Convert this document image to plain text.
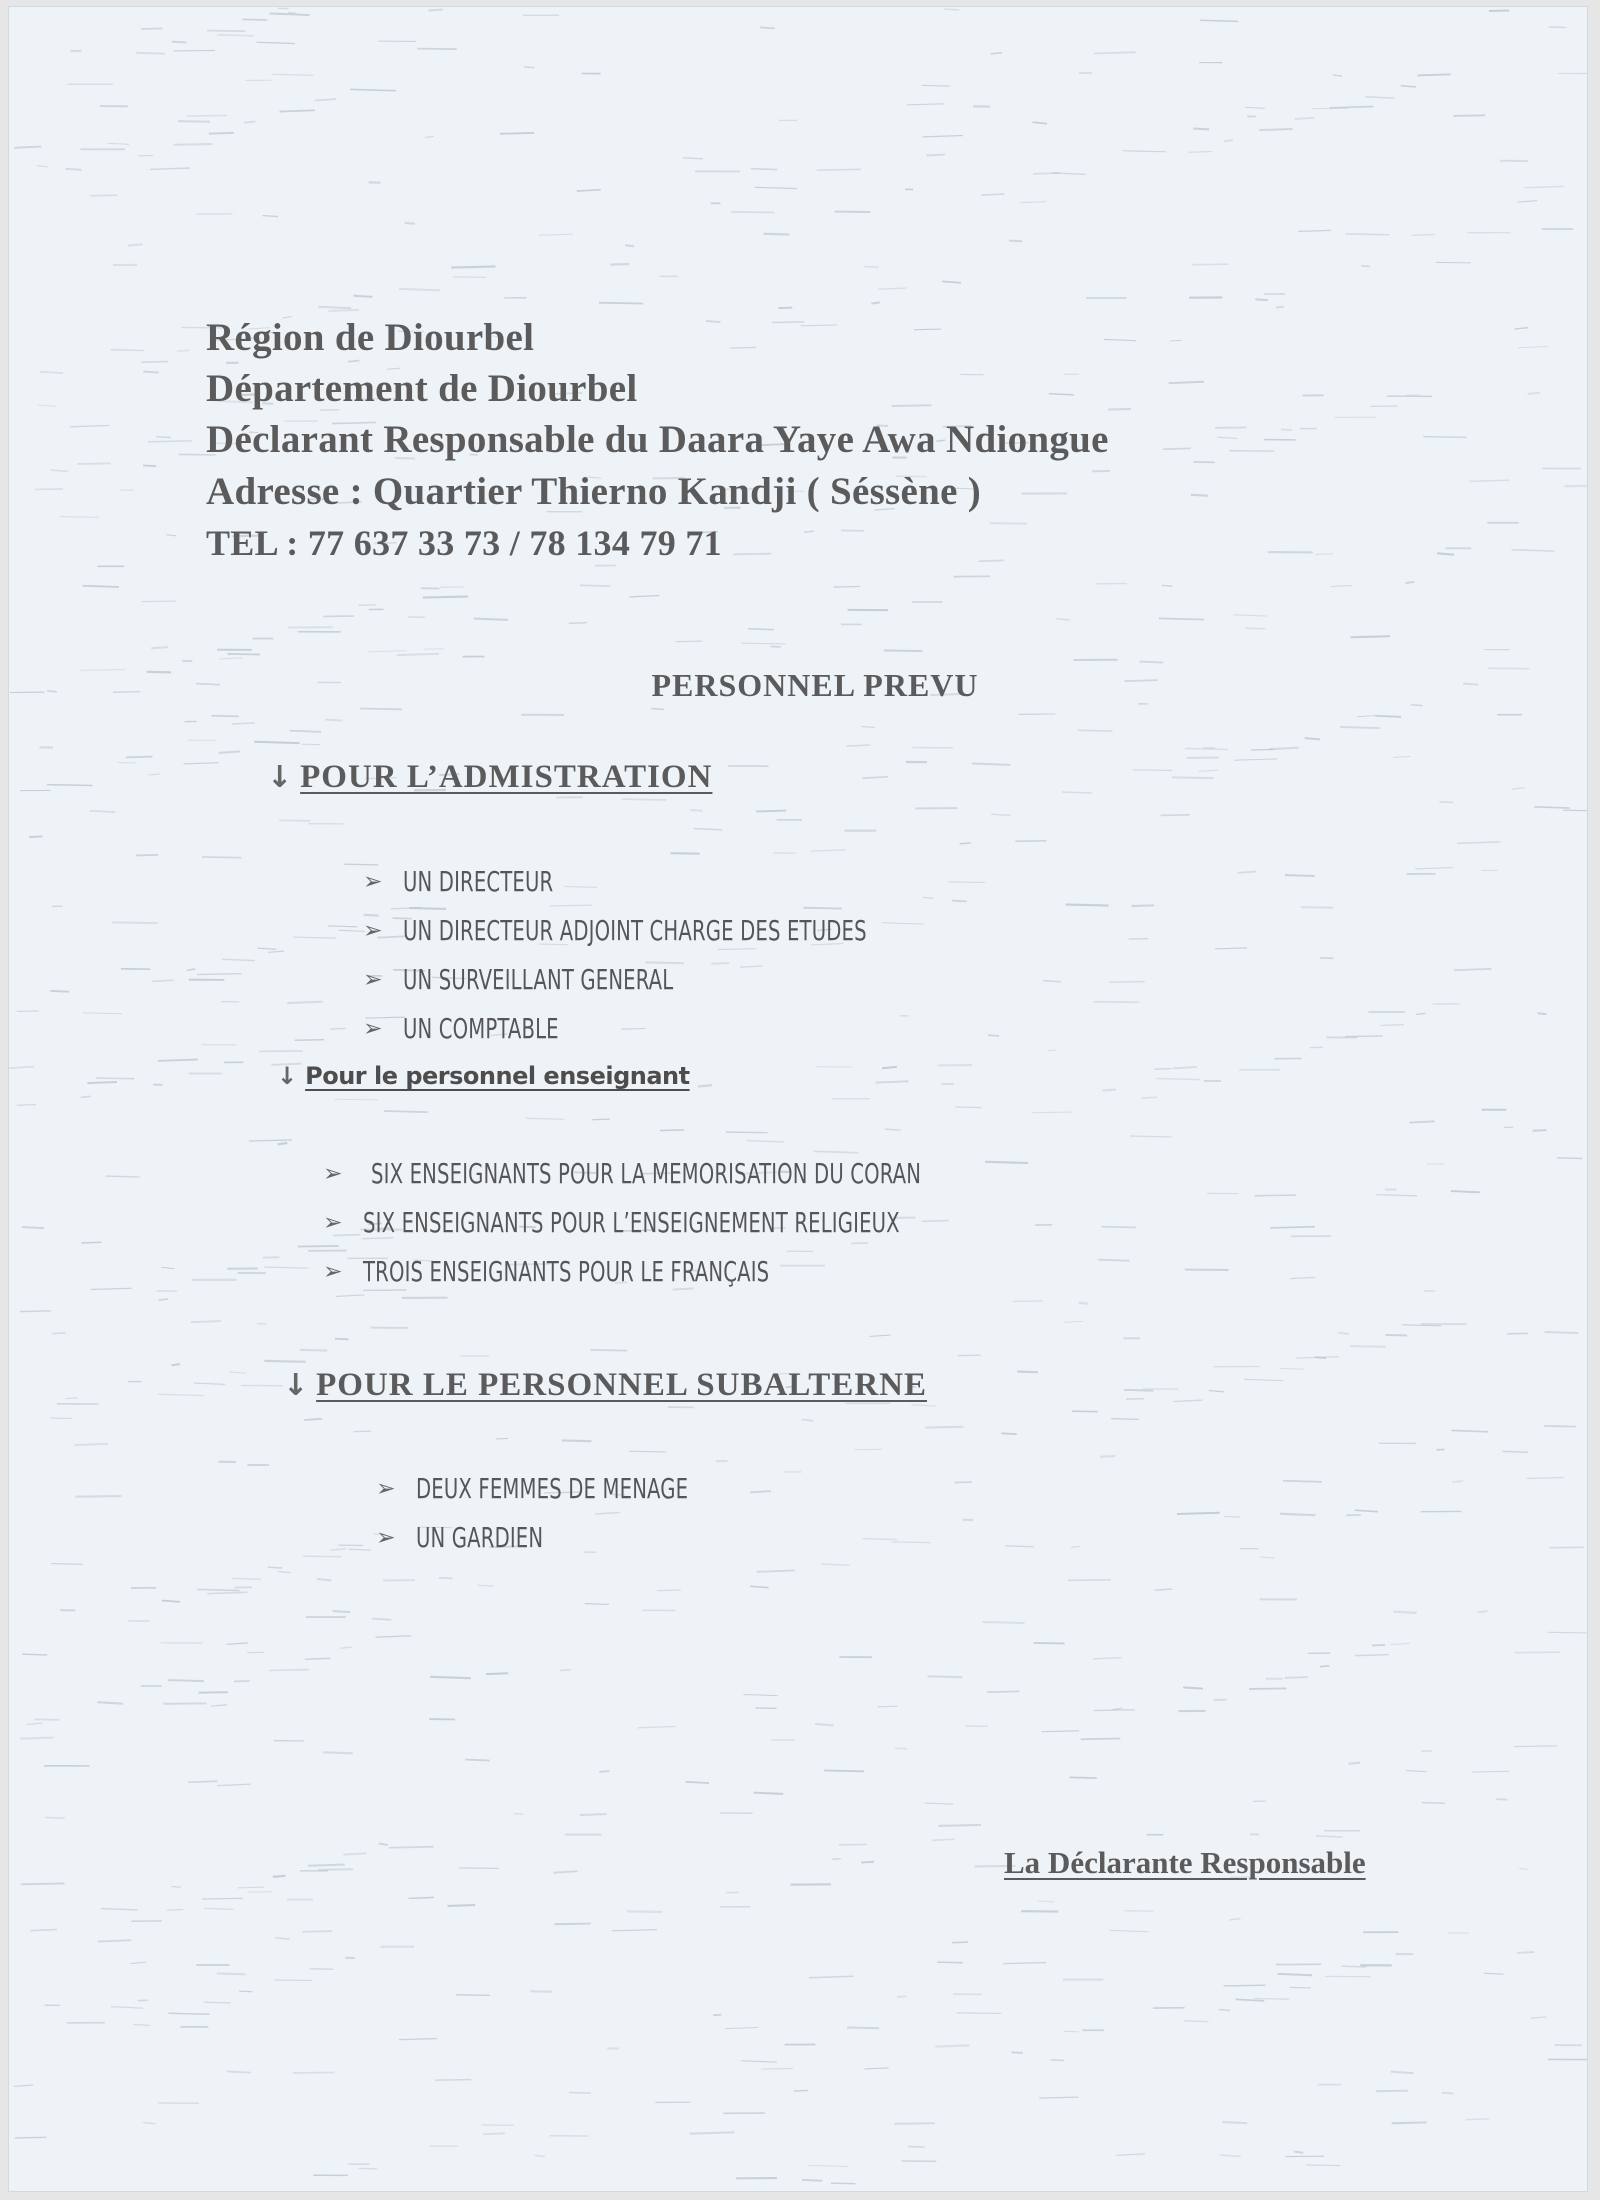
Région de Diourbel
Département de Diourbel
Déclarant Responsable du Daara Yaye Awa Ndiongue
Adresse : Quartier Thierno Kandji ( Séssène )
TEL : 77 637 33 73 / 78 134 79 71
PERSONNEL PREVU
↓ POUR L’ADMISTRATION
➢ UN DIRECTEUR
➢ UN DIRECTEUR ADJOINT CHARGE DES ETUDES
➢ UN SURVEILLANT GENERAL
➢ UN COMPTABLE
↓ Pour le personnel enseignant
➢ SIX ENSEIGNANTS POUR LA MEMORISATION DU CORAN
➢ SIX ENSEIGNANTS POUR L’ENSEIGNEMENT RELIGIEUX
➢ TROIS ENSEIGNANTS POUR LE FRANÇAIS
↓ POUR LE PERSONNEL SUBALTERNE
➢ DEUX FEMMES DE MENAGE
➢ UN GARDIEN
La Déclarante Responsable
